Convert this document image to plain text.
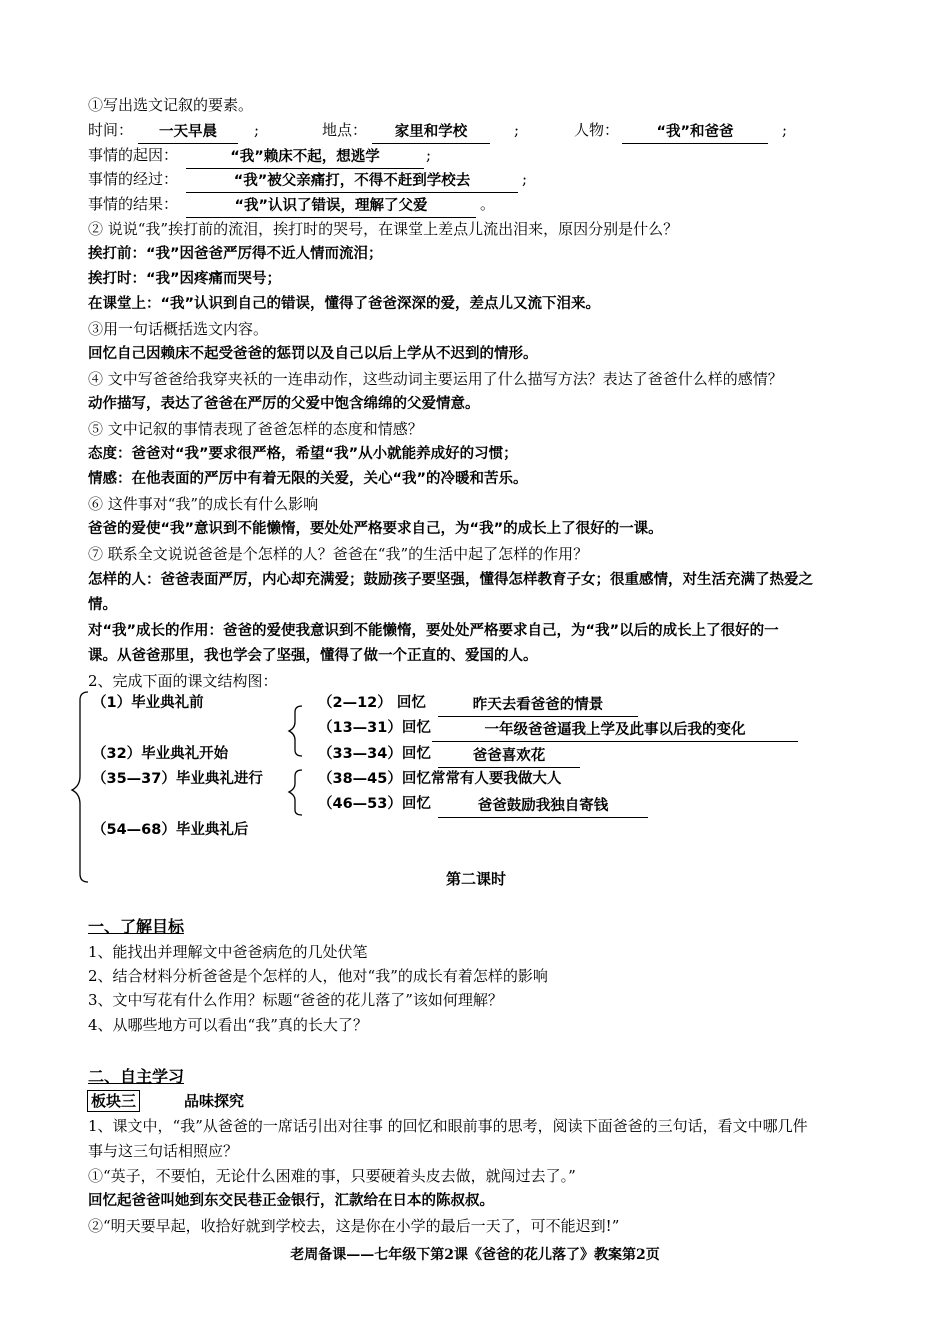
①写出选文记叙的要素。
时间：	一天早晨	;	地点：	家里和学校	;	人物：	“我”和爸爸	;
事情的起因：	“我”赖床不起，想逃学	;
事情的经过：	“我”被父亲痛打，不得不赶到学校去	;
事情的结果：	“我”认识了错误，理解了父爱	。
② 说说“我”挨打前的流泪，挨打时的哭号，在课堂上差点儿流出泪来，原因分别是什么？
挨打前：“我”因爸爸严厉得不近人情而流泪；
挨打时：“我”因疼痛而哭号；
在课堂上：“我”认识到自己的错误，懂得了爸爸深深的爱，差点儿又流下泪来。
③用一句话概括选文内容。
回忆自己因赖床不起受爸爸的惩罚以及自己以后上学从不迟到的情形。
④ 文中写爸爸给我穿夹袄的一连串动作，这些动词主要运用了什么描写方法？表达了爸爸什么样的感情？
动作描写，表达了爸爸在严厉的父爱中饱含绵绵的父爱情意。
⑤ 文中记叙的事情表现了爸爸怎样的态度和情感？
态度：爸爸对“我”要求很严格，希望“我”从小就能养成好的习惯；
情感：在他表面的严厉中有着无限的关爱，关心“我”的冷暖和苦乐。
⑥ 这件事对“我”的成长有什么影响
爸爸的爱使“我”意识到不能懒惰，要处处严格要求自己，为“我”的成长上了很好的一课。
⑦ 联系全文说说爸爸是个怎样的人？爸爸在“我”的生活中起了怎样的作用？
怎样的人：爸爸表面严厉，内心却充满爱；鼓励孩子要坚强，懂得怎样教育子女；很重感情，对生活充满了热爱之
情。
对“我”成长的作用：爸爸的爱使我意识到不能懒惰，要处处严格要求自己，为“我”以后的成长上了很好的一
课。从爸爸那里，我也学会了坚强，懂得了做一个正直的、爱国的人。
2、完成下面的课文结构图：
（1）毕业典礼前
（32）毕业典礼开始
（35—37）毕业典礼进行
（54—68）毕业典礼后
（2—12） 回忆	昨天去看爸爸的情景
（13—31）回忆	一年级爸爸逼我上学及此事以后我的变化
（33—34）回忆	爸爸喜欢花
（38—45）回忆常常有人要我做大人
（46—53）回忆	爸爸鼓励我独自寄钱
第二课时
一、了解目标
1、能找出并理解文中爸爸病危的几处伏笔
2、结合材料分析爸爸是个怎样的人，他对“我”的成长有着怎样的影响
3、文中写花有什么作用？标题“爸爸的花儿落了”该如何理解？
4、从哪些地方可以看出“我”真的长大了？
二、自主学习
板块三	品味探究
1、课文中，“我”从爸爸的一席话引出对往事 的回忆和眼前事的思考，阅读下面爸爸的三句话，看文中哪几件
事与这三句话相照应？
①“英子，不要怕，无论什么困难的事，只要硬着头皮去做，就闯过去了。”
回忆起爸爸叫她到东交民巷正金银行，汇款给在日本的陈叔叔。
②“明天要早起，收拾好就到学校去，这是你在小学的最后一天了，可不能迟到!”
老周备课——七年级下第2课《爸爸的花儿落了》教案第2页
